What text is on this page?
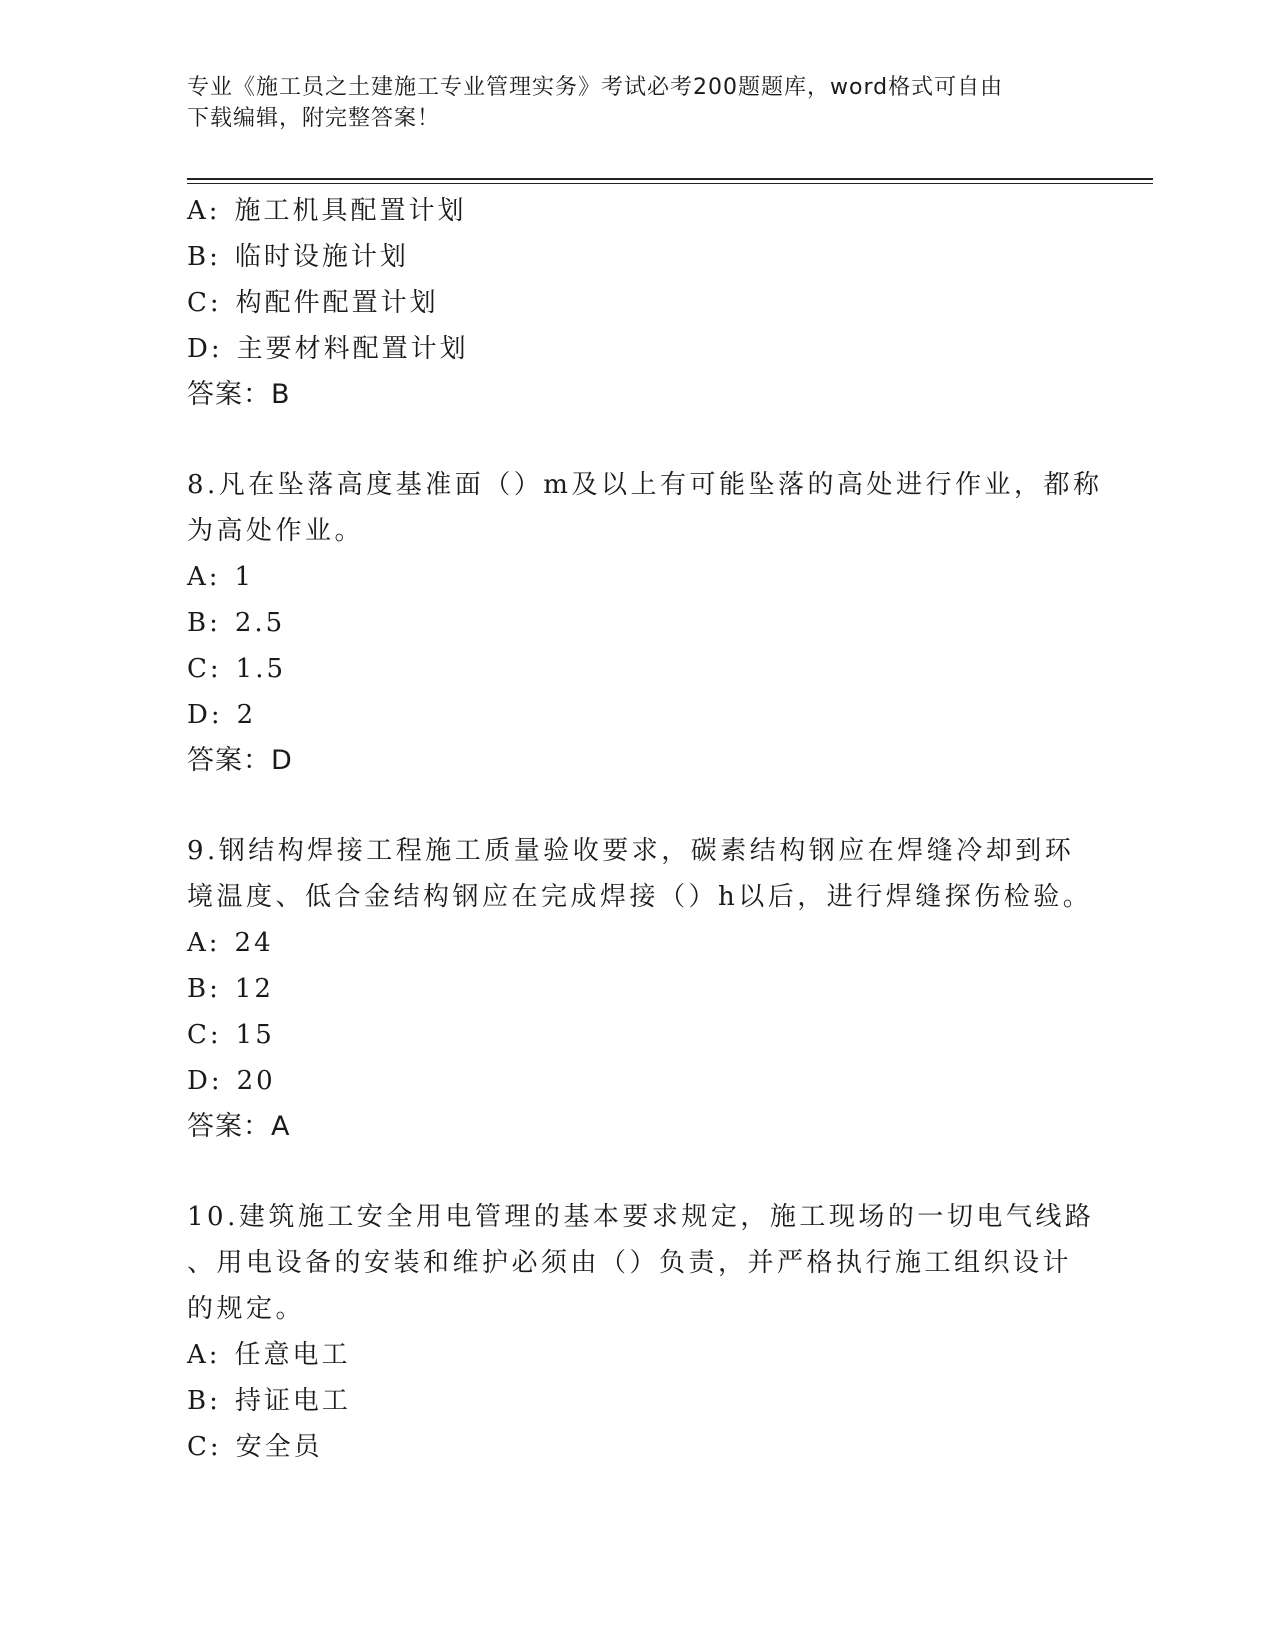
专业《施工员之土建施工专业管理实务》考试必考200题题库，word格式可自由
下载编辑，附完整答案！
A: 施工机具配置计划
B: 临时设施计划
C: 构配件配置计划
D: 主要材料配置计划
答案：B
8.凡在坠落高度基准面（）m及以上有可能坠落的高处进行作业，都称
为高处作业。
A: 1
B: 2.5
C: 1.5
D: 2
答案：D
9.钢结构焊接工程施工质量验收要求，碳素结构钢应在焊缝冷却到环
境温度、低合金结构钢应在完成焊接（）h以后，进行焊缝探伤检验。
A: 24
B: 12
C: 15
D: 20
答案：A
10.建筑施工安全用电管理的基本要求规定，施工现场的一切电气线路
、用电设备的安装和维护必须由（）负责，并严格执行施工组织设计
的规定。
A: 任意电工
B: 持证电工
C: 安全员
